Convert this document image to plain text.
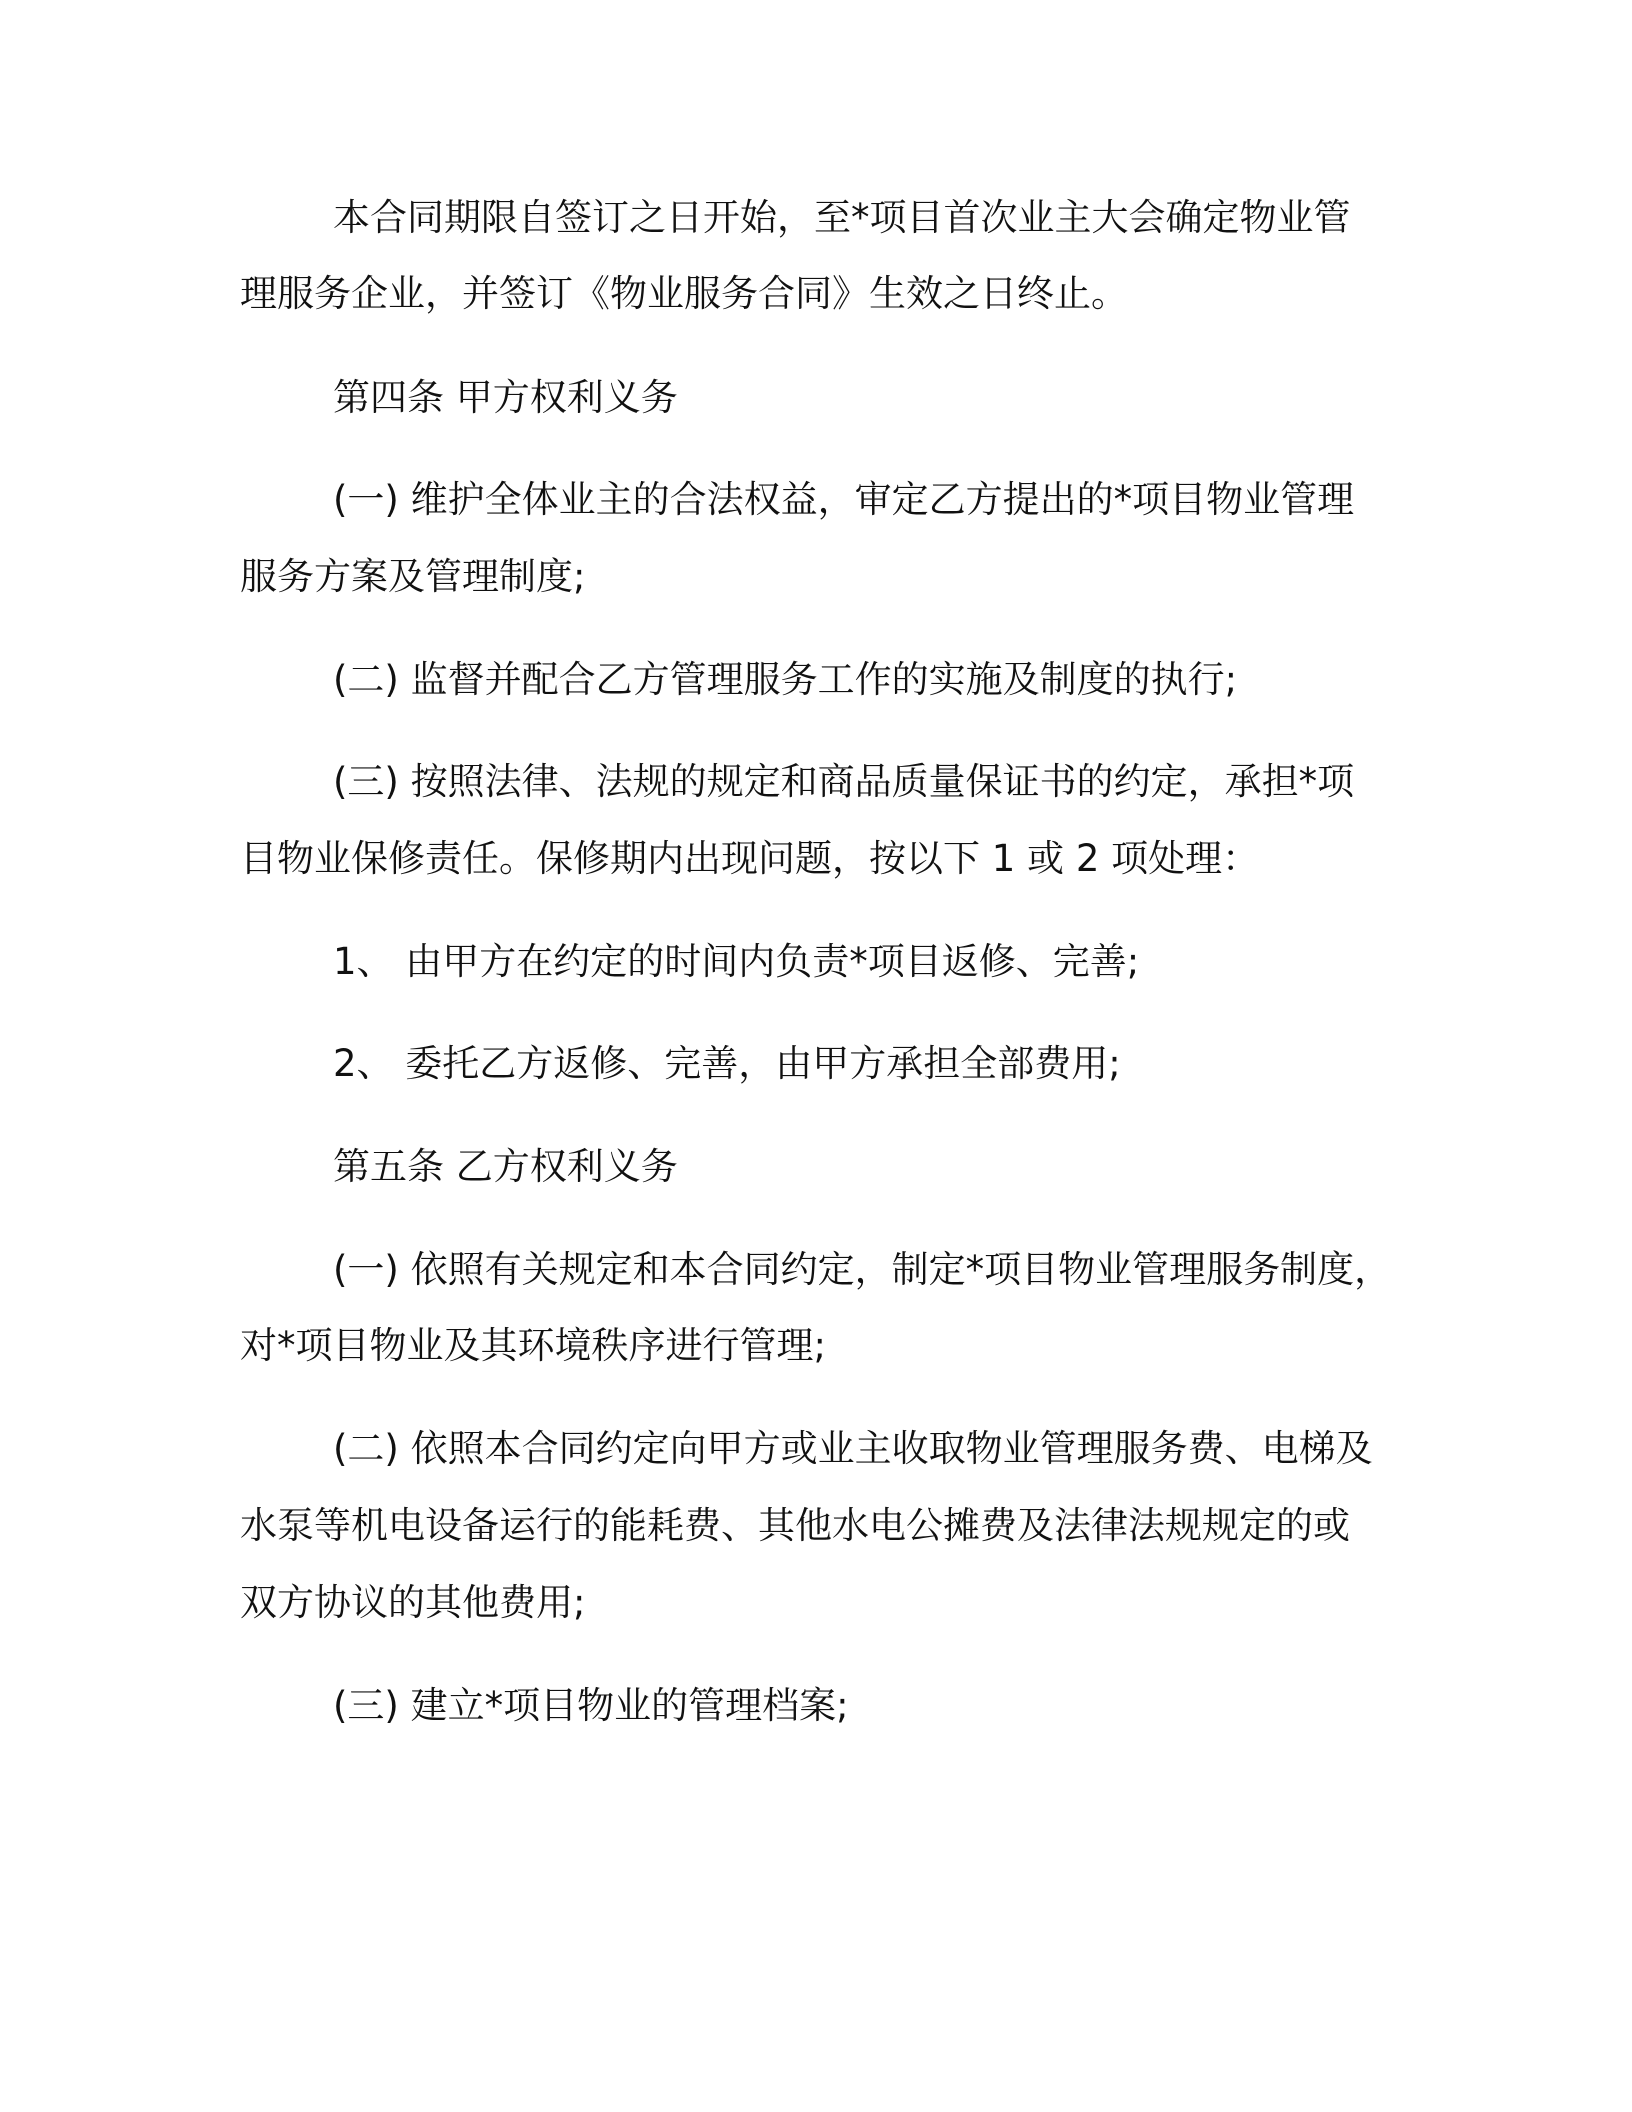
本合同期限自签订之日开始，至*项目首次业主大会确定物业管
理服务企业，并签订《物业服务合同》生效之日终止。
第四条 甲方权利义务
(一) 维护全体业主的合法权益，审定乙方提出的*项目物业管理
服务方案及管理制度;
(二) 监督并配合乙方管理服务工作的实施及制度的执行;
(三) 按照法律、法规的规定和商品质量保证书的约定，承担*项
目物业保修责任。保修期内出现问题，按以下 1 或 2 项处理：
1、 由甲方在约定的时间内负责*项目返修、完善;
2、 委托乙方返修、完善，由甲方承担全部费用;
第五条 乙方权利义务
(一) 依照有关规定和本合同约定，制定*项目物业管理服务制度，
对*项目物业及其环境秩序进行管理;
(二) 依照本合同约定向甲方或业主收取物业管理服务费、电梯及
水泵等机电设备运行的能耗费、其他水电公摊费及法律法规规定的或
双方协议的其他费用;
(三) 建立*项目物业的管理档案;
